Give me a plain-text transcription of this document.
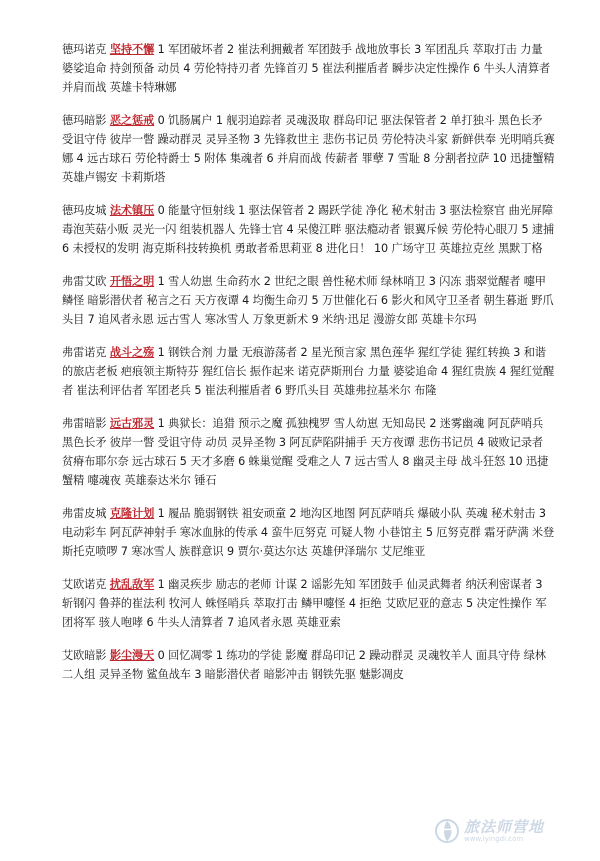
德玛诺克 坚持不懈 1 军团破坏者 2 崔法利拥戴者 军团鼓手 战地放事长 3 军团乱兵 萃取打击 力量 婆娑追命 持剑预备 动员 4 劳伦特持刃者 先锋首刃 5 崔法利摧盾者 瞬步决定性操作 6 牛头人清算者 并肩而战 英雄卡特琳娜

德玛暗影 恶之惩戒 0 饥肠属户 1 舰羽追踪者 灵魂汲取 群岛印记 驱法保管者 2 单打独斗 黑色长矛 受诅守侍 彼岸一瞥 躁动群灵 灵异圣物 3 先锋救世主 悲伤书记员 劳伦特决斗家 新鲜供奉 光明哨兵赛娜 4 远古球石 劳伦特爵士 5 附体 集魂者 6 并肩而战 传薪者 罪孽 7 雪耻 8 分割者拉萨 10 迅捷蟹精 英雄卢锡安 卡莉斯塔

德玛皮城 法术镇压 0 能量守恒射线 1 驱法保管者 2 踢跃学徒 净化 秘术射击 3 驱法检察官 曲光屏障 毒泡芙菇小贩 灵光一闪 组装机器人 先锋士官 4 呆傻江畔 驱法瘾动者 银翼斥候 劳伦特心眼刀 5 逮捕 6 未授权的发明 海克斯科技转换机 勇敢者希思莉亚 8 进化日！ 10 广场守卫 英雄拉克丝 黑默丁格

弗雷艾欧 开悟之明 1 雪人幼崽 生命药水 2 世纪之眼 兽性秘术师 绿林哨卫 3 闪冻 翡翠觉醒者 嚏甲鳞怪 暗影潜伏者 秘言之石 天方夜谭 4 均衡生命刃 5 万世催化石 6 影火和风守卫圣者 朝生暮逝 野爪头目 7 追风者永恩 远古雪人 寒冰雪人 万象更新术 9 米纳·迅足 漫游女郎 英雄卡尔玛

弗雷诺克 战斗之殇 1 钢铁合剂 力量 无痕游荡者 2 星光预言家 黑色莲华 猩红学徒 猩红转换 3 和谐的旅店老板 疤痕领主斯特芬 猩红信长 振作起来 诺克萨斯刑台 力量 婆娑追命 4 猩红贵族 4 猩红觉醒者 崔法利评估者 军团老兵 5 崔法利摧盾者 6 野爪头目 英雄弗拉基米尔 布隆

弗雷暗影 远古邪灵 1 典狱长：追猎 预示之魔 孤独槐罗 雪人幼崽 无知岛民 2 迷雾幽魂 阿瓦萨哨兵 黑色长矛 彼岸一瞥 受诅守侍 动员 灵异圣物 3 阿瓦萨陷阱捕手 天方夜谭 悲伤书记员 4 破败记录者 贫瘠布耶尔奈 远古球石 5 天才多磨 6 蛛巢觉醒 受难之人 7 远古雪人 8 幽灵主母 战斗狂怒 10 迅捷蟹精 嚏魂夜 英雄泰达米尔 锤石

弗雷皮城 克隆计划 1 履品 脆弱钢铁 祖安顽童 2 地沟区地图 阿瓦萨哨兵 爆破小队 英魂 秘术射击 3 电动彩车 阿瓦萨神射手 寒冰血脉的传承 4 蛮牛厄努克 可疑人物 小巷馆主 5 厄努克群 霜牙萨满 米登斯托克喷啰 7 寒冰雪人 族群意识 9 贾尔·莫达尔达 英雄伊泽瑞尔 艾尼维亚

艾欧诺克 扰乱敌军 1 幽灵疾步 励志的老师 计谋 2 谣影先知 军团鼓手 仙灵武舞者 纳沃利密谋者 3 斩钢闪 鲁莽的崔法利 牧河人 蛛怪哨兵 萃取打击 鳞甲嚏怪 4 拒绝 艾欧尼亚的意志 5 决定性操作 军团将军 骇人咆哮 6 牛头人清算者 7 追风者永恩 英雄亚索

艾欧暗影 影尘漫天 0 回忆凋零 1 练功的学徒 影魔 群岛印记 2 躁动群灵 灵魂牧羊人 面具守侍 绿林二人组 灵异圣物 鲨鱼战车 3 暗影潜伏者 暗影冲击 钢铁先驱 魅影凋皮

旅法师营地
www.iyingdi.com
